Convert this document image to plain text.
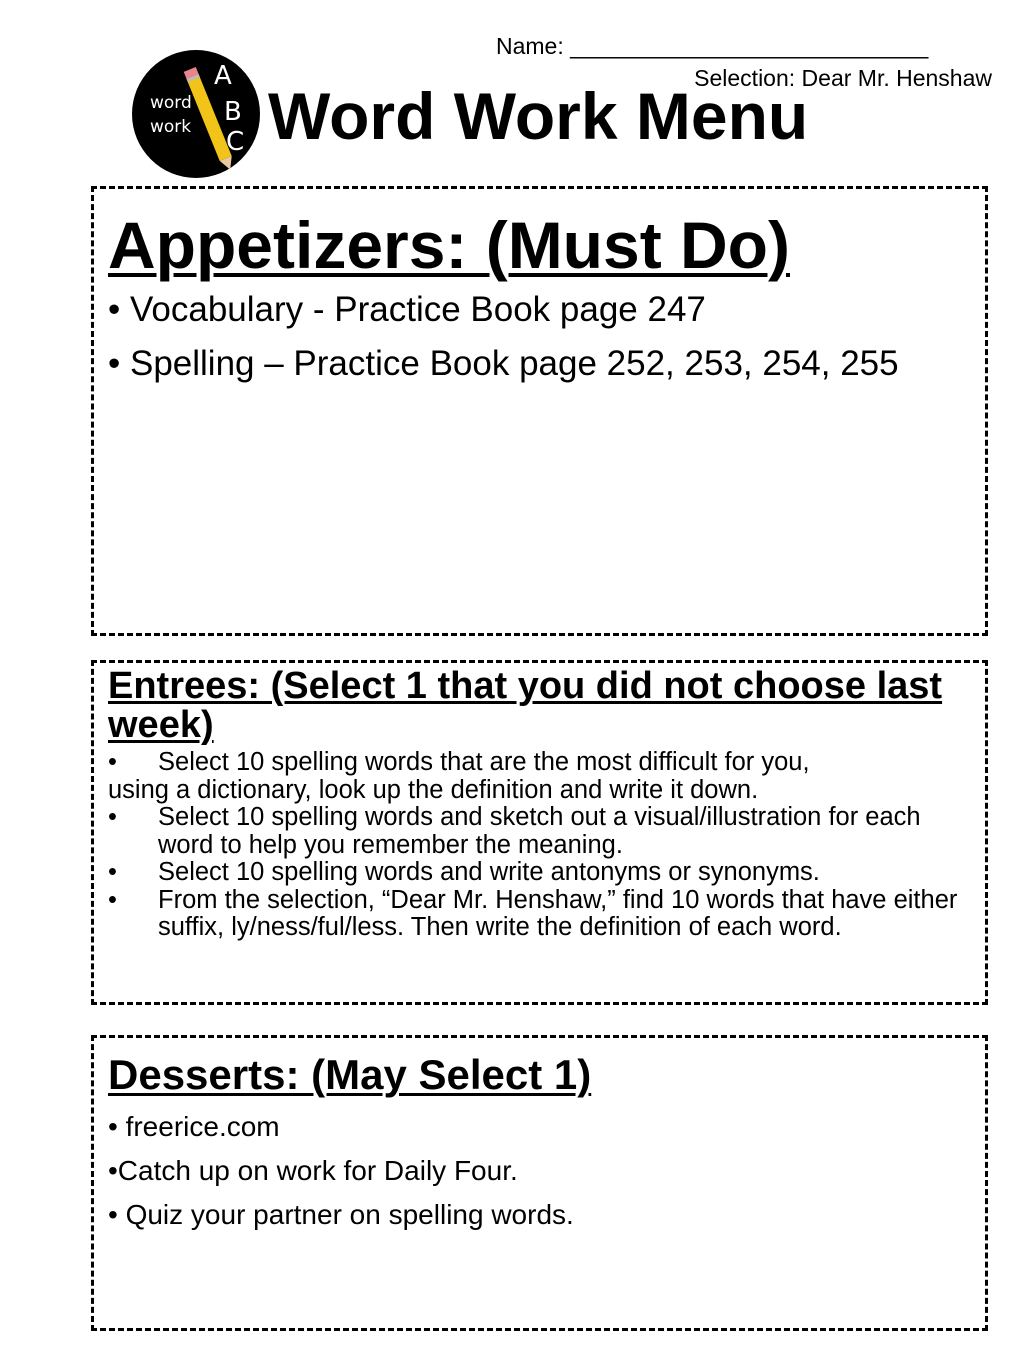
Name: ____________________________
Selection: Dear Mr. Henshaw
word
work
A
B
C Word Work Menu
Appetizers: (Must Do)

• Vocabulary - Practice Book page 247

• Spelling – Practice Book page 252, 253, 254, 255

Entrees: (Select 1 that you did not choose last week)
• Select 10 spelling words that are the most difficult for you,
using a dictionary, look up the definition and write it down.
• Select 10 spelling words and sketch out a visual/illustration for each word to help you remember the meaning.
• Select 10 spelling words and write antonyms or synonyms.
• From the selection, “Dear Mr. Henshaw,” find 10 words that have either suffix, ly/ness/ful/less. Then write the definition of each word.
Desserts: (May Select 1)

• freerice.com

•Catch up on work for Daily Four.

• Quiz your partner on spelling words.
